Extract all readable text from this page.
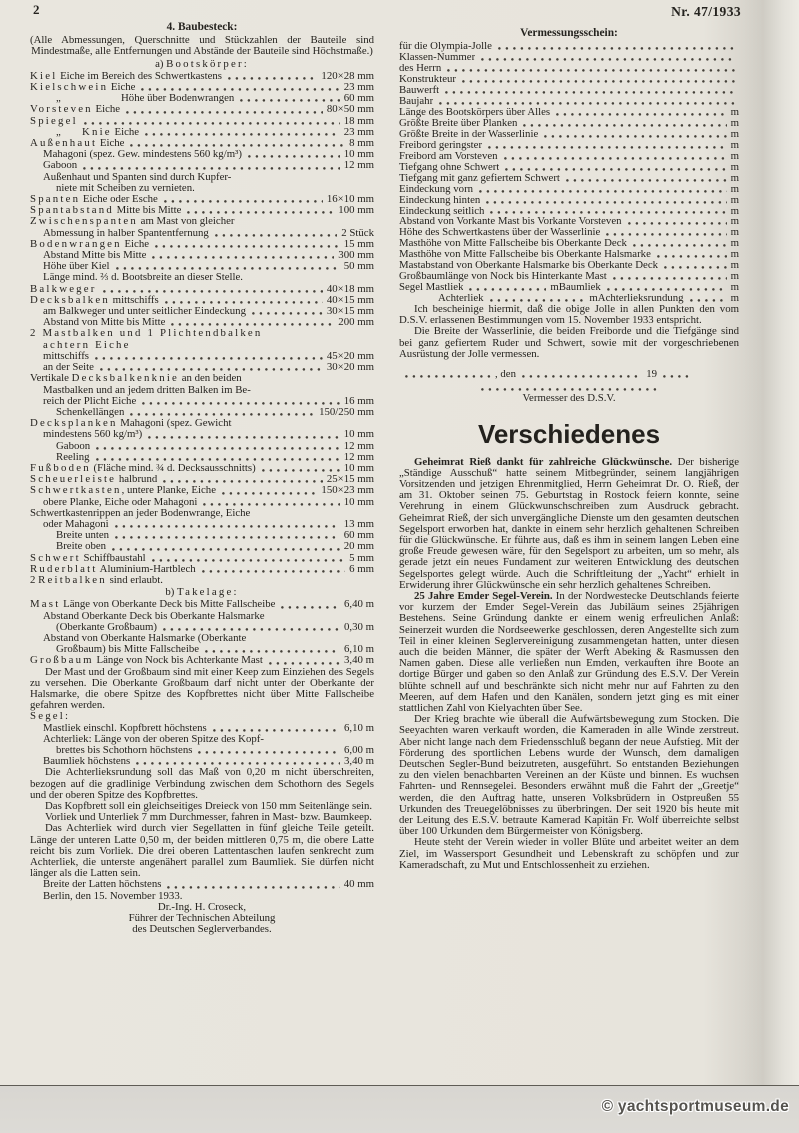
2	Nr. 47/1933
4. Baubesteck:
(Alle Abmessungen, Querschnitte und Stückzahlen der Bauteile sind Mindestmaße, alle Entfernungen und Abstände der Bauteile sind Höchstmaße.)
a) Bootskörper:
Kiel Eiche im Bereich des Schwertkastens	120×28 mm
Kielschwein Eiche	23 mm
„	Höhe über Bodenwrangen	60 mm
Vorsteven Eiche	80×50 mm
Spiegel	18 mm
„ Knie Eiche	23 mm
Außenhaut Eiche	8 mm
Mahagoni (spez. Gew. mindestens 560 kg/m³)	10 mm
Gaboon	12 mm
Außenhaut und Spanten sind durch Kupfer-
niete mit Scheiben zu vernieten.
Spanten Eiche oder Esche	16×10 mm
Spantabstand Mitte bis Mitte	100 mm
Zwischenspanten am Mast von gleicher
Abmessung in halber Spantentfernung	2 Stück
Bodenwrangen Eiche	15 mm
Abstand Mitte bis Mitte	300 mm
Höhe über Kiel	50 mm
Länge mind. ⅔ d. Bootsbreite an dieser Stelle.
Balkweger	40×18 mm
Decksbalken mittschiffs	40×15 mm
am Balkweger und unter seitlicher Eindeckung	30×15 mm
Abstand von Mitte bis Mitte	200 mm
2 Mastbalken und 1 Plichtendbalken
achtern Eiche
mittschiffs	45×20 mm
an der Seite	30×20 mm
Vertikale Decksbalkenknie an den beiden
Mastbalken und an jedem dritten Balken im Be-
reich der Plicht Eiche	16 mm
Schenkellängen	150/250 mm
Decksplanken Mahagoni (spez. Gewicht
mindestens 560 kg/m³)	10 mm
Gaboon	12 mm
Reeling	12 mm
Fußboden (Fläche mind. ¾ d. Decksausschnitts)	10 mm
Scheuerleiste halbrund	25×15 mm
Schwertkasten, untere Planke, Eiche	150×23 mm
obere Planke, Eiche oder Mahagoni	10 mm
Schwertkastenrippen an jeder Bodenwrange, Eiche
oder Mahagoni	13 mm
Breite unten	60 mm
Breite oben	20 mm
Schwert Schiffbaustahl	5 mm
Ruderblatt Aluminium-Hartblech	6 mm
2 Reitbalken sind erlaubt.
b) Takelage:
Mast Länge von Oberkante Deck bis Mitte Fallscheibe	6,40 m
Abstand Oberkante Deck bis Oberkante Halsmarke
(Oberkante Großbaum)	0,30 m
Abstand von Oberkante Halsmarke (Oberkante
Großbaum) bis Mitte Fallscheibe	6,10 m
Großbaum Länge von Nock bis Achterkante Mast	3,40 m
Der Mast und der Großbaum sind mit einer Keep zum Einziehen des Segels zu versehen. Die Oberkante Großbaum darf nicht unter der Oberkante der Halsmarke, die obere Spitze des Kopfbrettes nicht über Mitte Fallscheibe gefahren werden.
Segel:
Mastliek einschl. Kopfbrett höchstens	6,10 m
Achterliek: Länge von der oberen Spitze des Kopf-
brettes bis Schothorn höchstens	6,00 m
Baumliek höchstens	3,40 m
Die Achterlieksrundung soll das Maß von 0,20 m nicht überschreiten, bezogen auf die gradlinige Verbindung zwischen dem Schothorn des Segels und der oberen Spitze des Kopfbrettes.
Das Kopfbrett soll ein gleichseitiges Dreieck von 150 mm Seitenlänge sein.
Vorliek und Unterliek 7 mm Durchmesser, fahren in Mast- bzw. Baumkeep.
Das Achterliek wird durch vier Segellatten in fünf gleiche Teile geteilt. Länge der unteren Latte 0,50 m, der beiden mittleren 0,75 m, die obere Latte reicht bis zum Vorliek. Die drei oberen Lattentaschen laufen senkrecht zum Achterliek, die unterste angenähert parallel zum Baumliek. Sie dürfen nicht länger als die Latten sein.
Breite der Latten höchstens	40 mm
Berlin, den 15. November 1933.
Dr.-Ing. H. Croseck,
Führer der Technischen Abteilung
des Deutschen Seglerverbandes.
Vermessungsschein:
für die Olympia-Jolle
Klassen-Nummer
des Herrn
Konstrukteur
Bauwerft
Baujahr
Länge des Bootskörpers über Alles	m
Größte Breite über Planken	m
Größte Breite in der Wasserlinie	m
Freibord geringster	m
Freibord am Vorsteven	m
Tiefgang ohne Schwert	m
Tiefgang mit ganz gefiertem Schwert	m
Eindeckung vorn	m
Eindeckung hinten	m
Eindeckung seitlich	m
Abstand von Vorkante Mast bis Vorkante Vorsteven	m
Höhe des Schwertkastens über der Wasserlinie	m
Masthöhe von Mitte Fallscheibe bis Oberkante Deck	m
Masthöhe von Mitte Fallscheibe bis Oberkante Halsmarke	m
Mastabstand von Oberkante Halsmarke bis Oberkante Deck	m
Großbaumlänge von Nock bis Hinterkante Mast	m
Segel Mastliek	m Baumliek	m
Achterliek	m Achterlieksrundung	m
Ich bescheinige hiermit, daß die obige Jolle in allen Punkten den vom D.S.V. erlassenen Bestimmungen vom 15. November 1933 entspricht.
Die Breite der Wasserlinie, die beiden Freiborde und die Tiefgänge sind bei ganz gefiertem Ruder und Schwert, sowie mit der vorgeschriebenen Ausrüstung der Jolle vermessen.
, den	19
Vermesser des D.S.V.
Verschiedenes
Geheimrat Rieß dankt für zahlreiche Glückwünsche. Der bisherige „Ständige Ausschuß“ hatte seinem Mitbegründer, seinem langjährigen Vorsitzenden und jetzigen Ehrenmitglied, Herrn Geheimrat Dr. O. Rieß, der am 31. Oktober seinen 75. Geburtstag in Rostock feiern konnte, seine Verehrung in einem Glückwunschschreiben zum Ausdruck gebracht. Geheimrat Rieß, der sich unvergängliche Dienste um den gesamten deutschen Segelsport erworben hat, dankte in einem sehr herzlich gehaltenen Schreiben für die Glückwünsche. Er führte aus, daß es ihm in seinem langen Leben eine große Freude gewesen wäre, für den Segelsport zu arbeiten, um so mehr, als gerade jetzt ein neues Fundament zur weiteren Entwicklung des deutschen Segelsportes gelegt würde. Auch die Schriftleitung der „Yacht“ erhielt in Erwiderung ihrer Glückwünsche ein sehr herzlich gehaltenes Schreiben.
25 Jahre Emder Segel-Verein. In der Nordwestecke Deutschlands feierte vor kurzem der Emder Segel-Verein das Jubiläum seines 25jährigen Bestehens. Seine Gründung dankte er einem wenig erfreulichen Anlaß: Seinerzeit wurden die Nordseewerke geschlossen, deren Angestellte sich zum Teil in einer kleinen Seglervereinigung zusammengetan hatten, unter diesen auch die beiden Männer, die später der Werft Abeking & Rasmussen den Namen gaben. Diese alle verließen nun Emden, verkauften ihre Boote an dortige Bürger und gaben so den Anlaß zur Gründung des E.S.V. Der Verein blühte schnell auf und beschränkte sich nicht mehr nur auf Fahrten zu den Meeren, auf dem Hafen und den Kanälen, sondern jetzt ging es mit einer stattlichen Zahl von Kielyachten über See.
Der Krieg brachte wie überall die Aufwärtsbewegung zum Stocken. Die Seeyachten waren verkauft worden, die Kameraden in alle Winde zerstreut. Aber nicht lange nach dem Friedensschluß begann der neue Aufstieg. Mit der Förderung des sportlichen Lebens wurde der Wunsch, dem damaligen Deutschen Segler-Bund beizutreten, ausgeführt. So entstanden Beziehungen zu den vielen benachbarten Vereinen an der Küste und binnen. Es wuchsen Fahrten- und Rennsegelei. Besonders erwähnt muß die Fahrt der „Greetje“ werden, die den Auftrag hatte, unseren Volksbrüdern in Ostpreußen 55 Urkunden des Treuegelöbnisses zu überbringen. Der seit 1920 bis heute mit der Leitung des E.S.V. betraute Kamerad Kapitän Fr. Wolf überreichte selbst über 100 Urkunden dem Bürgermeister von Königsberg.
Heute steht der Verein wieder in voller Blüte und arbeitet weiter an dem Ziel, im Wassersport Gesundheit und Lebenskraft zu schöpfen und zur Kameradschaft, zu Mut und Entschlossenheit zu erziehen.
© yachtsportmuseum.de
